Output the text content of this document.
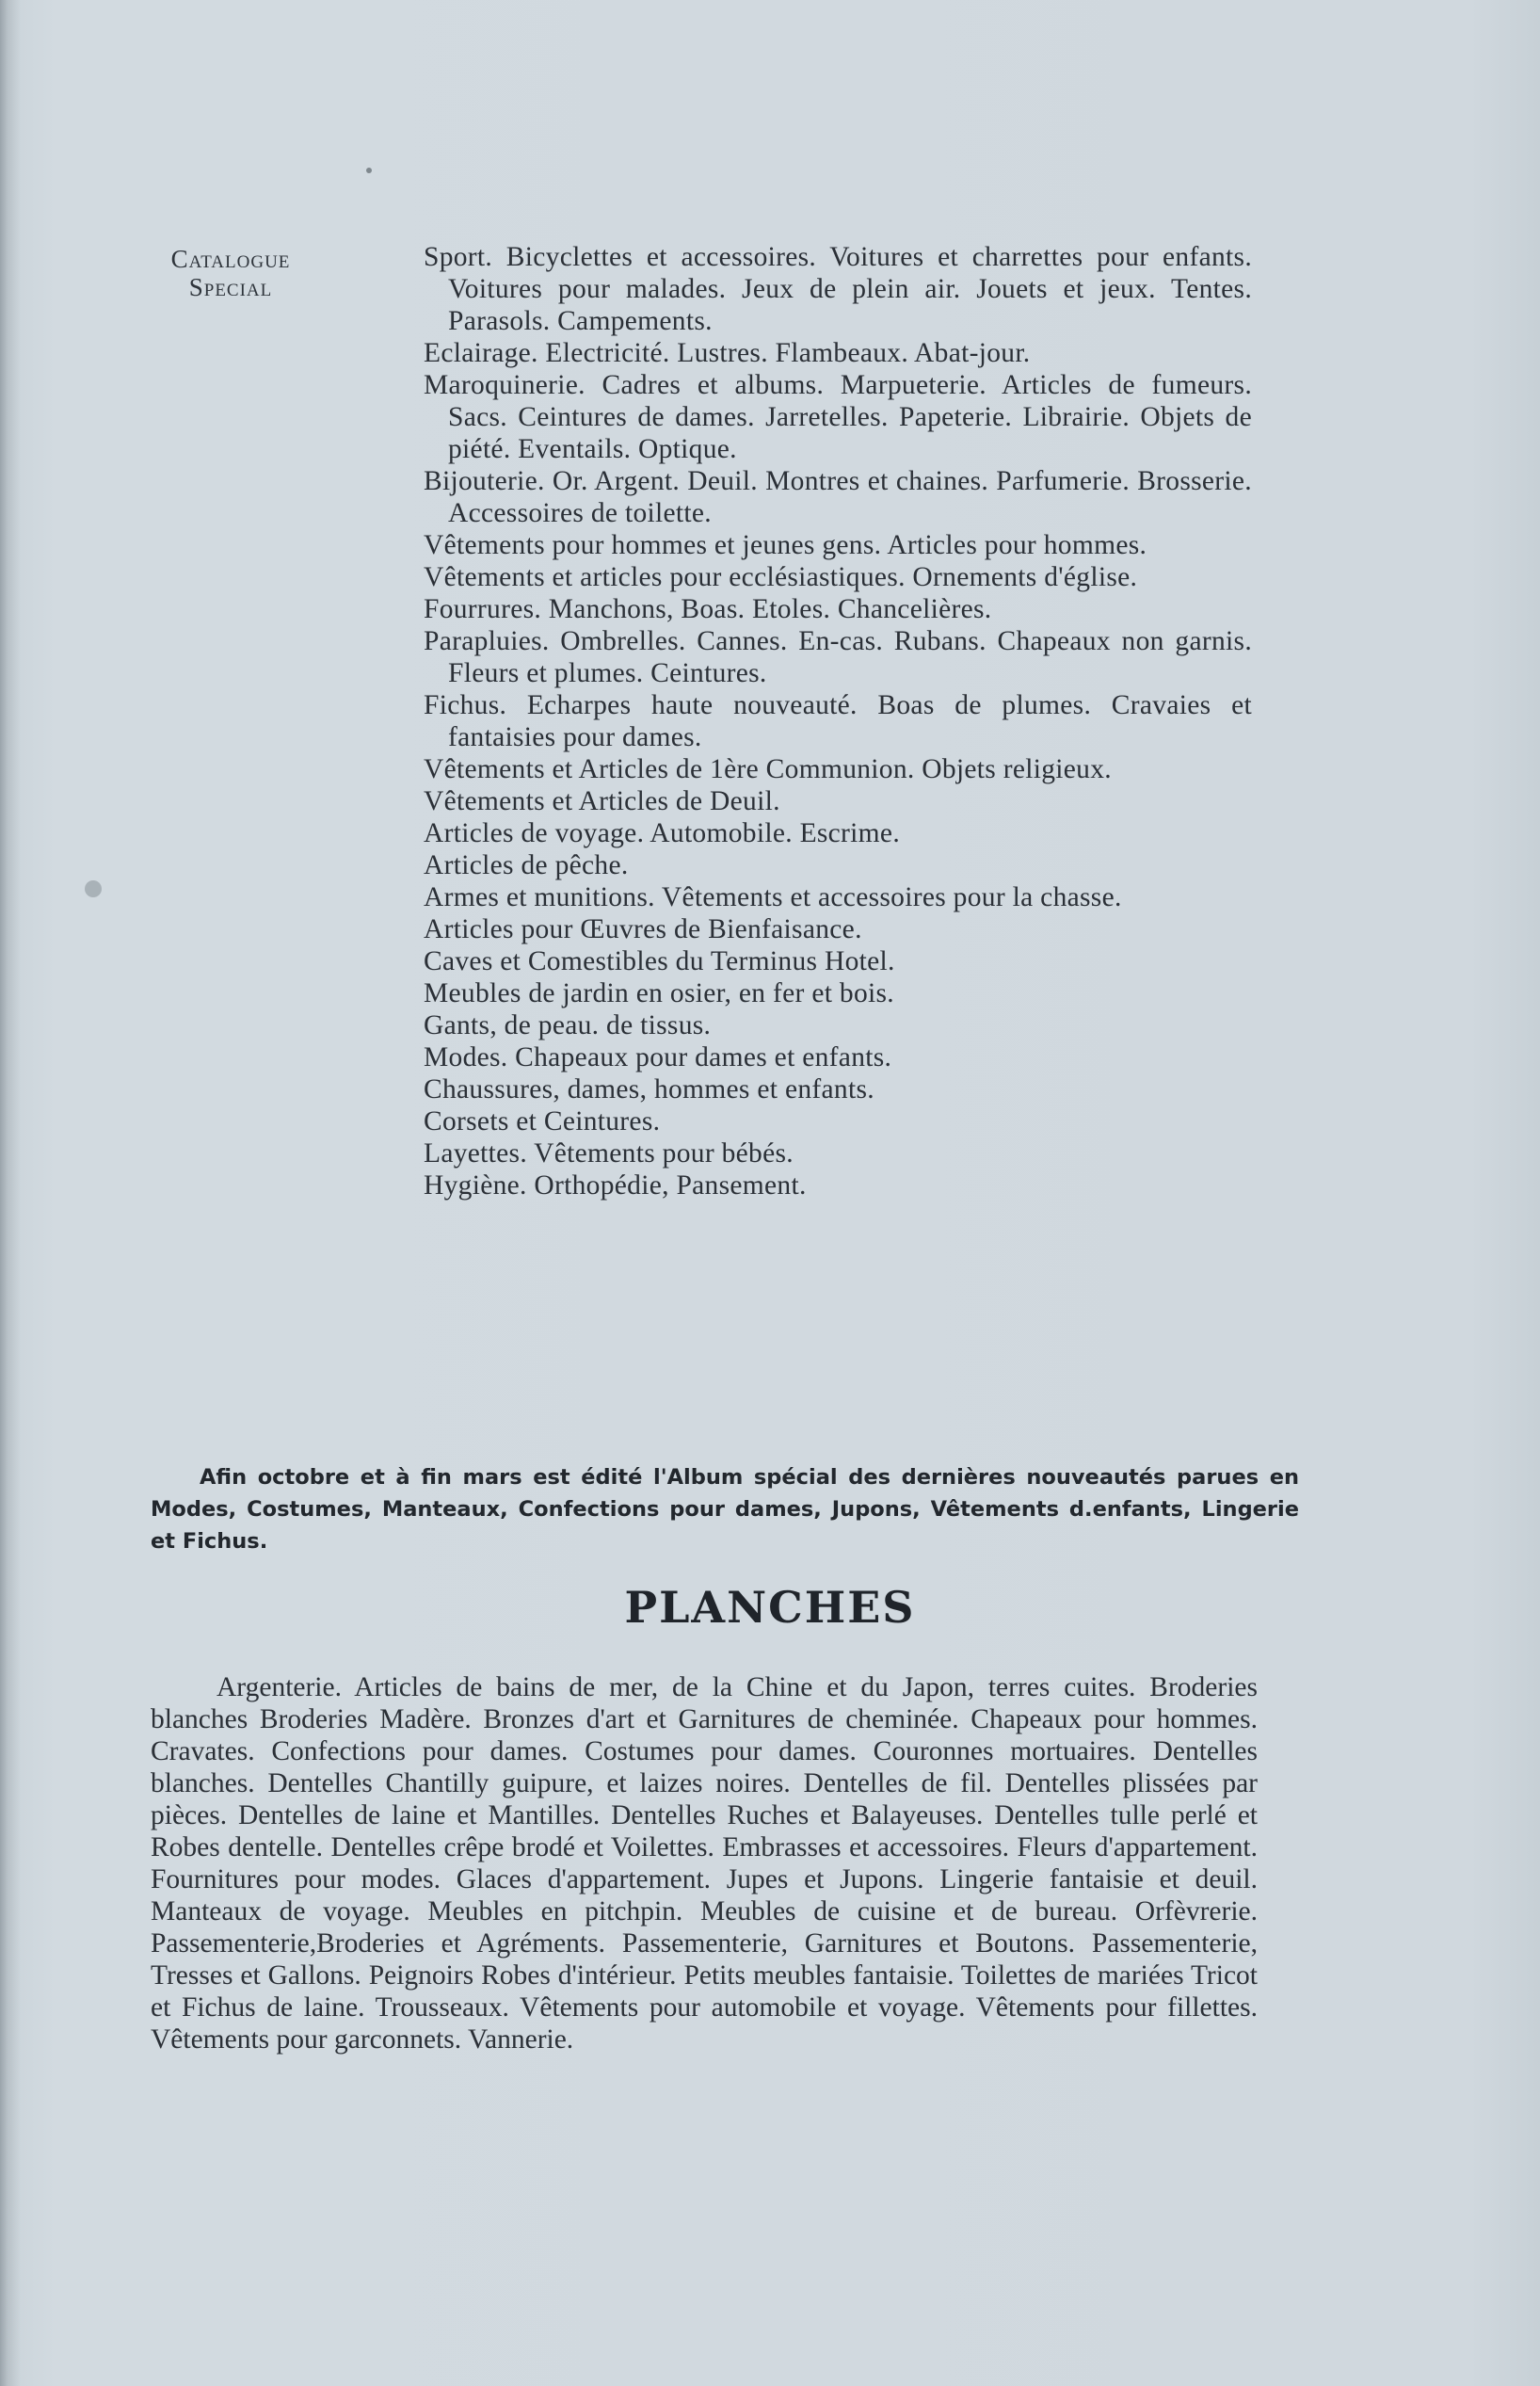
Catalogue
Special
Sport. Bicyclettes et accessoires. Voitures et charrettes pour enfants. Voitures pour malades. Jeux de plein air. Jouets et jeux. Tentes. Parasols. Campements.
Eclairage. Electricité. Lustres. Flambeaux. Abat-jour.
Maroquinerie. Cadres et albums. Marpueterie. Articles de fumeurs. Sacs. Ceintures de dames. Jarretelles. Papeterie. Librairie. Objets de piété. Eventails. Optique.
Bijouterie. Or. Argent. Deuil. Montres et chaines. Parfumerie. Brosserie. Accessoires de toilette.
Vêtements pour hommes et jeunes gens. Articles pour hommes.
Vêtements et articles pour ecclésiastiques. Ornements d'église.
Fourrures. Manchons, Boas. Etoles. Chancelières.
Parapluies. Ombrelles. Cannes. En-cas. Rubans. Chapeaux non garnis. Fleurs et plumes. Ceintures.
Fichus. Echarpes haute nouveauté. Boas de plumes. Cravaies et fantaisies pour dames.
Vêtements et Articles de 1ère Communion. Objets religieux.
Vêtements et Articles de Deuil.
Articles de voyage. Automobile. Escrime.
Articles de pêche.
Armes et munitions. Vêtements et accessoires pour la chasse.
Articles pour Œuvres de Bienfaisance.
Caves et Comestibles du Terminus Hotel.
Meubles de jardin en osier, en fer et bois.
Gants, de peau. de tissus.
Modes. Chapeaux pour dames et enfants.
Chaussures, dames, hommes et enfants.
Corsets et Ceintures.
Layettes. Vêtements pour bébés.
Hygiène. Orthopédie, Pansement.
Afin octobre et à fin mars est édité l'Album spécial des dernières nouveautés parues en Modes, Costumes, Manteaux, Confections pour dames, Jupons, Vêtements d.enfants, Lingerie et Fichus.
PLANCHES
Argenterie. Articles de bains de mer, de la Chine et du Japon, terres cuites. Broderies blanches Broderies Madère. Bronzes d'art et Garnitures de cheminée. Chapeaux pour hommes. Cravates. Confections pour dames. Costumes pour dames. Couronnes mortuaires. Dentelles blanches. Dentelles Chantilly guipure, et laizes noires. Dentelles de fil. Dentelles plissées par pièces. Dentelles de laine et Mantilles. Dentelles Ruches et Balayeuses. Dentelles tulle perlé et Robes dentelle. Dentelles crêpe brodé et Voilettes. Embrasses et accessoires. Fleurs d'appartement. Fournitures pour modes. Glaces d'appartement. Jupes et Jupons. Lingerie fantaisie et deuil. Manteaux de voyage. Meubles en pitchpin. Meubles de cuisine et de bureau. Orfèvrerie. Passementerie,Broderies et Agréments. Passementerie, Garnitures et Boutons. Passementerie, Tresses et Gallons. Peignoirs Robes d'intérieur. Petits meubles fantaisie. Toilettes de mariées Tricot et Fichus de laine. Trousseaux. Vêtements pour automobile et voyage. Vêtements pour fillettes. Vêtements pour garconnets. Vannerie.
